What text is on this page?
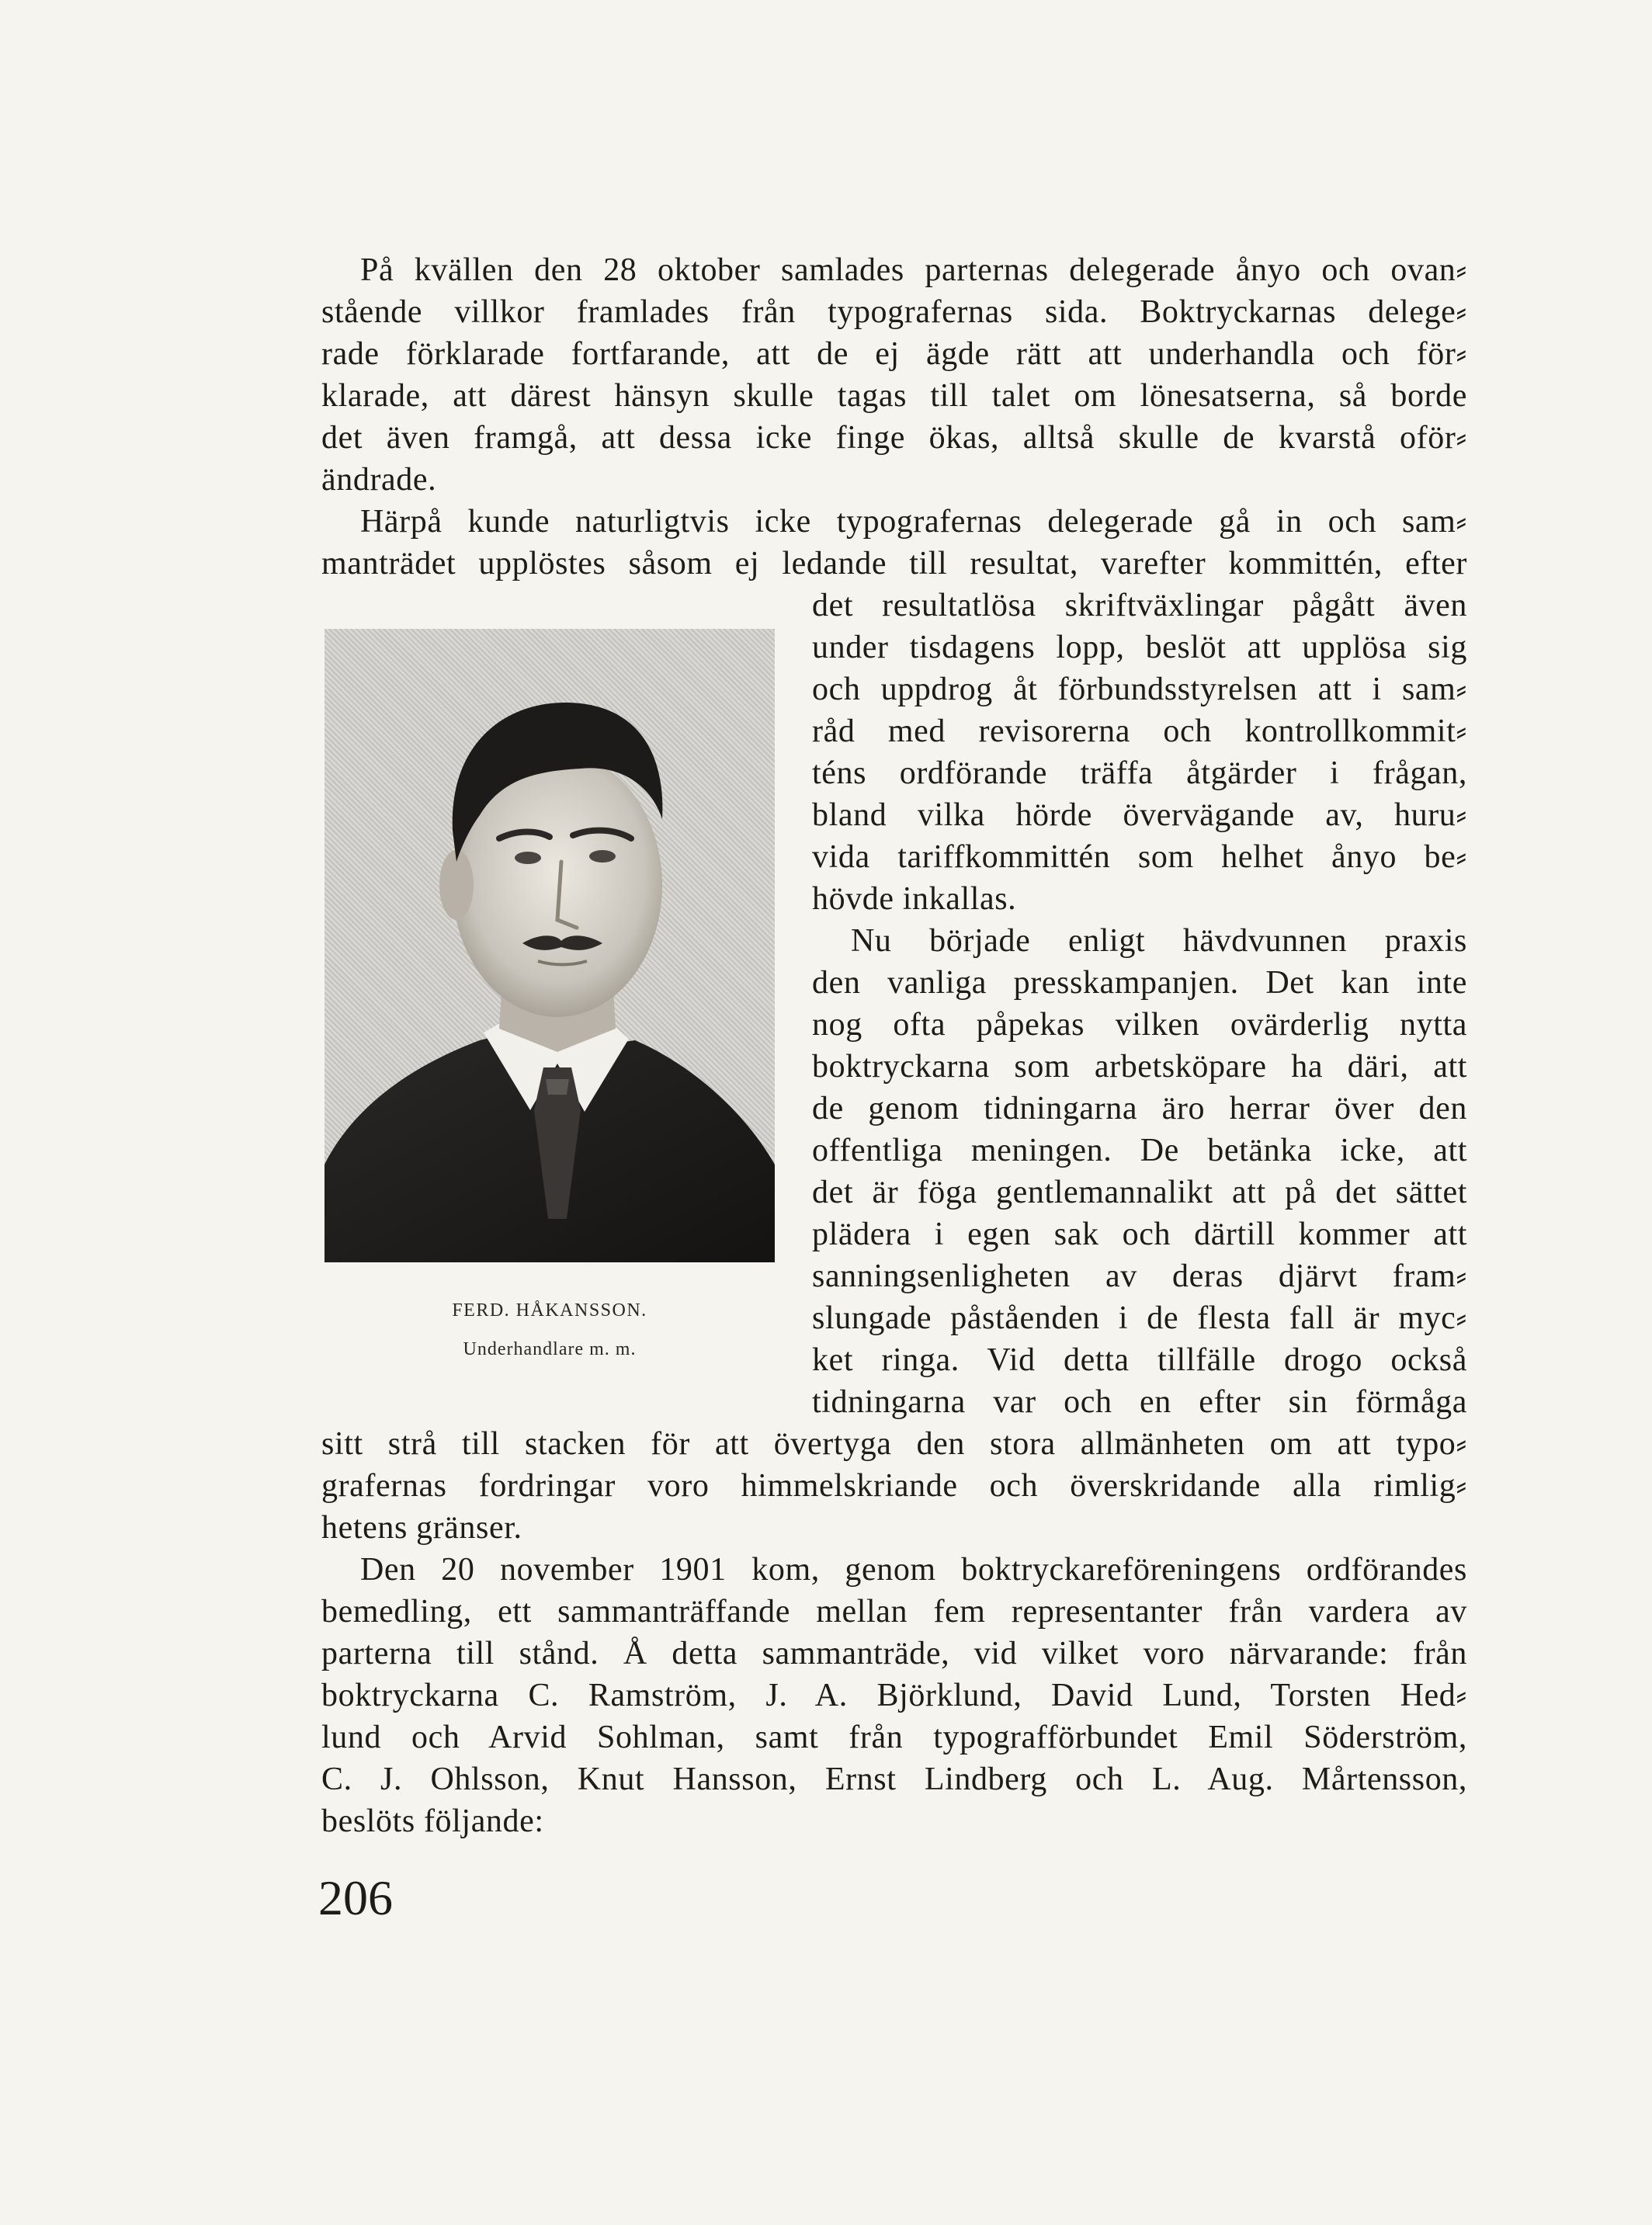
På kvällen den 28 oktober samlades parternas delegerade ånyo och ovan⸗
stående villkor framlades från typografernas sida. Boktryckarnas delege⸗
rade förklarade fortfarande, att de ej ägde rätt att underhandla och för⸗
klarade, att därest hänsyn skulle tagas till talet om lönesatserna, så borde
det även framgå, att dessa icke finge ökas, alltså skulle de kvarstå oför⸗
ändrade.
Härpå kunde naturligtvis icke typografernas delegerade gå in och sam⸗
manträdet upplöstes såsom ej ledande till resultat, varefter kommittén, efter
det resultatlösa skriftväxlingar pågått även
under tisdagens lopp, beslöt att upplösa sig
och uppdrog åt förbundsstyrelsen att i sam⸗
råd med revisorerna och kontrollkommit⸗
téns ordförande träffa åtgärder i frågan,
bland vilka hörde övervägande av, huru⸗
vida tariffkommittén som helhet ånyo be⸗
hövde inkallas.
Nu började enligt hävdvunnen praxis
den vanliga presskampanjen. Det kan inte
nog ofta påpekas vilken ovärderlig nytta
boktryckarna som arbetsköpare ha däri, att
de genom tidningarna äro herrar över den
offentliga meningen. De betänka icke, att
det är föga gentlemannalikt att på det sättet
plädera i egen sak och därtill kommer att
sanningsenligheten av deras djärvt fram⸗
slungade påståenden i de flesta fall är myc⸗
ket ringa. Vid detta tillfälle drogo också
tidningarna var och en efter sin förmåga
sitt strå till stacken för att övertyga den stora allmänheten om att typo⸗
grafernas fordringar voro himmelskriande och överskridande alla rimlig⸗
hetens gränser.
Den 20 november 1901 kom, genom boktryckareföreningens ordförandes
bemedling, ett sammanträffande mellan fem representanter från vardera av
parterna till stånd. Å detta sammanträde, vid vilket voro närvarande: från
boktryckarna C. Ramström, J. A. Björklund, David Lund, Torsten Hed⸗
lund och Arvid Sohlman, samt från typografförbundet Emil Söderström,
C. J. Ohlsson, Knut Hansson, Ernst Lindberg och L. Aug. Mårtensson,
beslöts följande:
FERD. HÅKANSSON.
Underhandlare m. m.
206
